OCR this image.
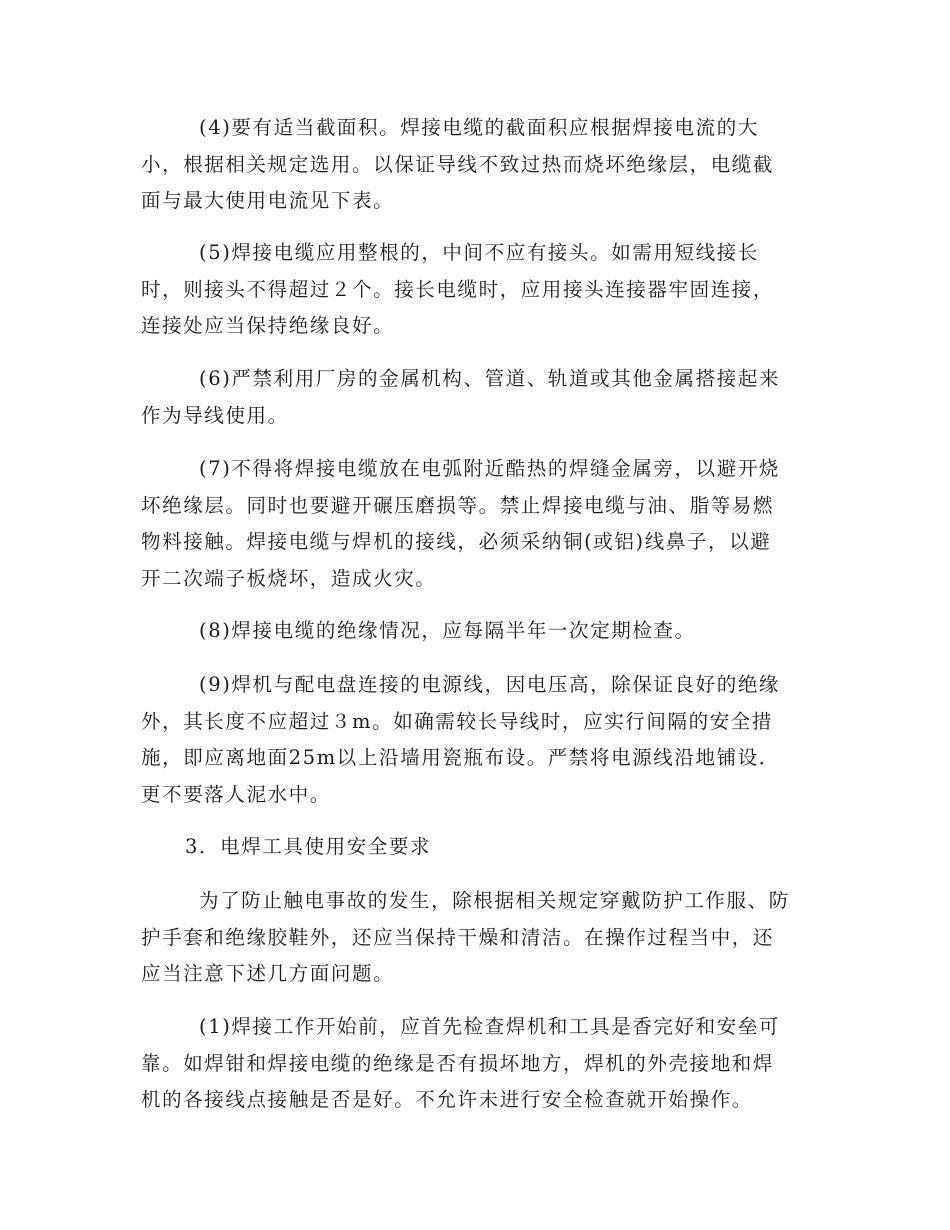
(4)要有适当截面积。焊接电缆的截面积应根据焊接电流的大
小，根据相关规定选用。以保证导线不致过热而烧坏绝缘层，电缆截
面与最大使用电流见下表。

(5)焊接电缆应用整根的，中间不应有接头。如需用短线接长
时，则接头不得超过２个。接长电缆时，应用接头连接器牢固连接，
连接处应当保持绝缘良好。

(6)严禁利用厂房的金属机构、管道、轨道或其他金属搭接起来
作为导线使用。

(7)不得将焊接电缆放在电弧附近酷热的焊缝金属旁，以避开烧
坏绝缘层。同时也要避开碾压磨损等。禁止焊接电缆与油、脂等易燃
物料接触。焊接电缆与焊机的接线，必须采纳铜(或铝)线鼻子，以避
开二次端子板烧坏，造成火灾。

(8)焊接电缆的绝缘情况，应每隔半年一次定期检查。

(9)焊机与配电盘连接的电源线，因电压高，除保证良好的绝缘
外，其长度不应超过３m。如确需较长导线时，应实行间隔的安全措
施，即应离地面25m以上沿墙用瓷瓶布设。严禁将电源线沿地铺设．
更不要落人泥水中。

3．电焊工具使用安全要求

为了防止触电事故的发生，除根据相关规定穿戴防护工作服、防
护手套和绝缘胶鞋外，还应当保持干燥和清洁。在操作过程当中，还
应当注意下述几方面问题。

(1)焊接工作开始前，应首先检查焊机和工具是香完好和安垒可
靠。如焊钳和焊接电缆的绝缘是否有损坏地方，焊机的外壳接地和焊
机的各接线点接触是否是好。不允许未进行安全检查就开始操作。
